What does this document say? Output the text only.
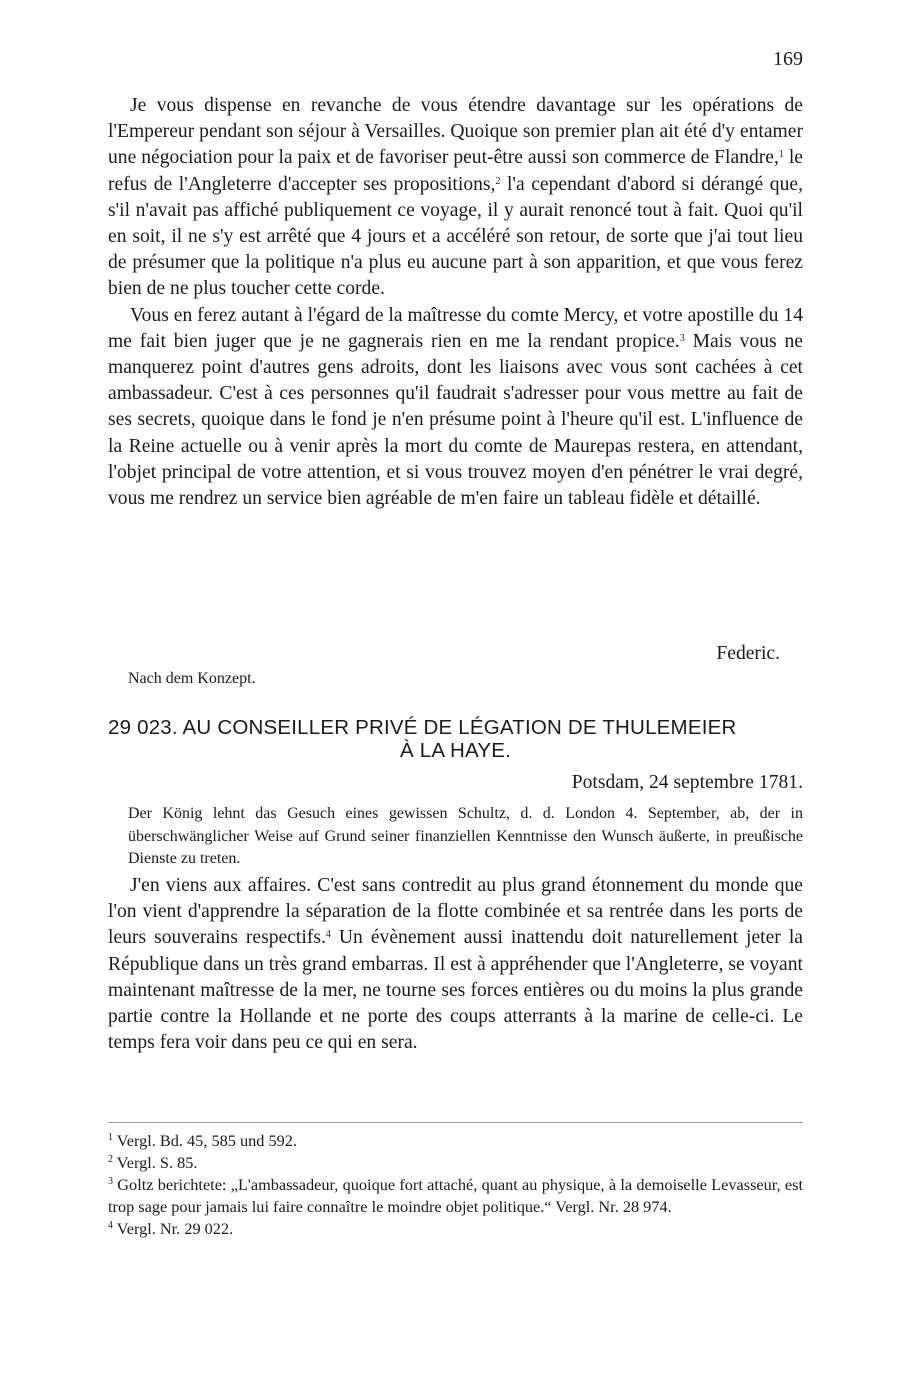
169

Je vous dispense en revanche de vous étendre davantage sur les opérations de l'Empereur pendant son séjour à Versailles. Quoique son premier plan ait été d'y entamer une négociation pour la paix et de favoriser peut-être aussi son commerce de Flandre,$^1$ le refus de l'Angleterre d'accepter ses propositions,$^2$ l'a cependant d'abord si dérangé que, s'il n'avait pas affiché publiquement ce voyage, il y aurait renoncé tout à fait. Quoi qu'il en soit, il ne s'y est arrêté que 4 jours et a accéléré son retour, de sorte que j'ai tout lieu de présumer que la politique n'a plus eu aucune part à son apparition, et que vous ferez bien de ne plus toucher cette corde.

Vous en ferez autant à l'égard de la maîtresse du comte Mercy, et votre apostille du 14 me fait bien juger que je ne gagnerais rien en me la rendant propice.$^3$ Mais vous ne manquerez point d'autres gens adroits, dont les liaisons avec vous sont cachées à cet ambassadeur. C'est à ces personnes qu'il faudrait s'adresser pour vous mettre au fait de ses secrets, quoique dans le fond je n'en présume point à l'heure qu'il est. L'influence de la Reine actuelle ou à venir après la mort du comte de Maurepas restera, en attendant, l'objet principal de votre attention, et si vous trouvez moyen d'en pénétrer le vrai degré, vous me rendrez un service bien agréable de m'en faire un tableau fidèle et détaillé.

Federic.
Nach dem Konzept.
29 023. AU CONSEILLER PRIVÉ DE LÉGATION DE THULEMEIER
À LA HAYE.
Potsdam, 24 septembre 1781.
Der König lehnt das Gesuch eines gewissen Schultz, d. d. London 4. September, ab, der in überschwänglicher Weise auf Grund seiner finanziellen Kenntnisse den Wunsch äußerte, in preußische Dienste zu treten.

J'en viens aux affaires. C'est sans contredit au plus grand étonnement du monde que l'on vient d'apprendre la séparation de la flotte combinée et sa rentrée dans les ports de leurs souverains respectifs.$^4$ Un évènement aussi inattendu doit naturellement jeter la République dans un très grand embarras. Il est à appréhender que l'Angleterre, se voyant maintenant maîtresse de la mer, ne tourne ses forces entières ou du moins la plus grande partie contre la Hollande et ne porte des coups atterrants à la marine de celle-ci. Le temps fera voir dans peu ce qui en sera.

$^1$ Vergl. Bd. 45, 585 und 592.
$^2$ Vergl. S. 85.
$^3$ Goltz berichtete: „L'ambassadeur, quoique fort attaché, quant au physique, à la demoiselle Levasseur, est trop sage pour jamais lui faire connaître le moindre objet politique.“ Vergl. Nr. 28 974.
$^4$ Vergl. Nr. 29 022.
